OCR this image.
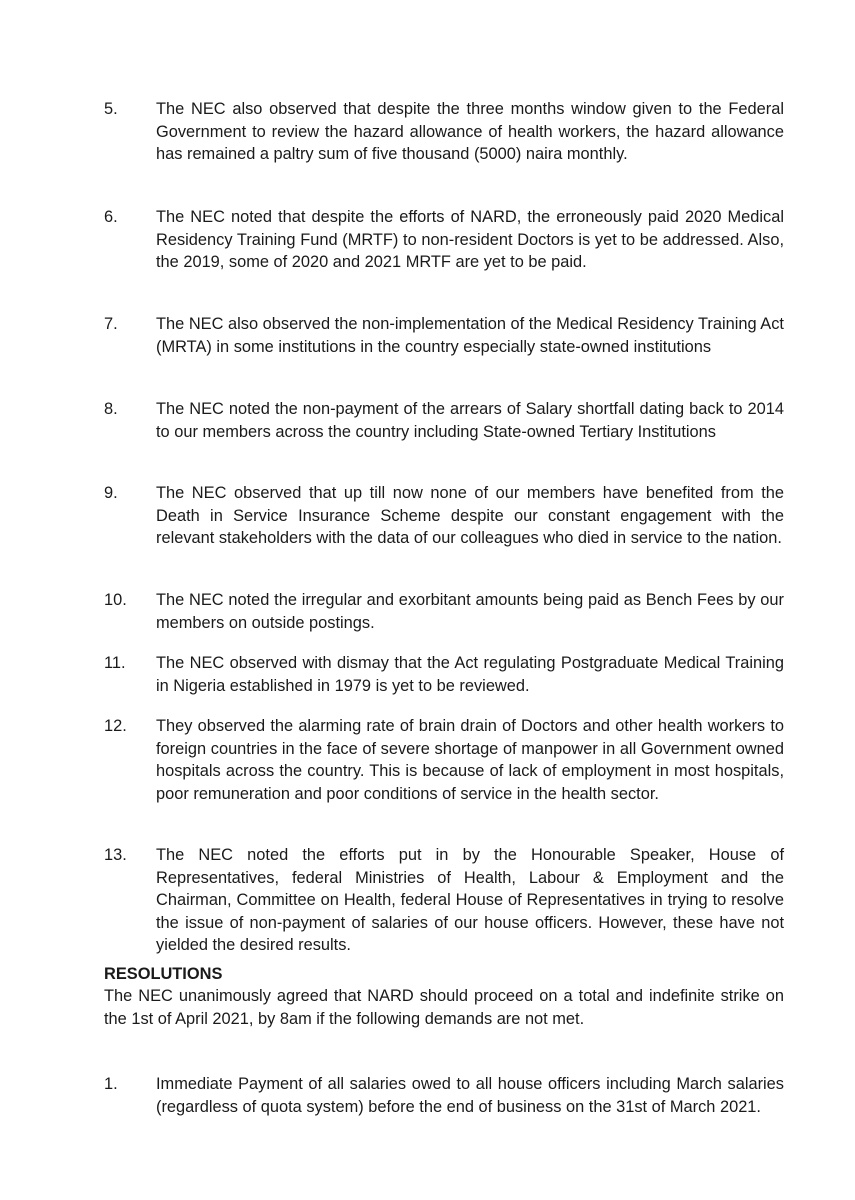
5.	The NEC also observed that despite the three months window given to the Federal Government to review the hazard allowance of health workers, the hazard allowance has remained a paltry sum of five thousand (5000) naira monthly.
6.	The NEC noted that despite the efforts of NARD, the erroneously paid 2020 Medical Residency Training Fund (MRTF) to non-resident Doctors is yet to be addressed. Also, the 2019, some of 2020 and 2021 MRTF are yet to be paid.
7.	The NEC also observed the non-implementation of the Medical Residency Training Act (MRTA) in some institutions in the country especially state-owned institutions
8.	The NEC noted the non-payment of the arrears of Salary shortfall dating back to 2014 to our members across the country including State-owned Tertiary Institutions
9.	The NEC observed that up till now none of our members have benefited from the Death in Service Insurance Scheme despite our constant engagement with the relevant stakeholders with the data of our colleagues who died in service to the nation.
10.	The NEC noted the irregular and exorbitant amounts being paid as Bench Fees by our members on outside postings.
11.	The NEC observed with dismay that the Act regulating Postgraduate Medical Training in Nigeria established in 1979 is yet to be reviewed.
12.	They observed the alarming rate of brain drain of Doctors and other health workers to foreign countries in the face of severe shortage of manpower in all Government owned hospitals across the country. This is because of lack of employment in most hospitals, poor remuneration and poor conditions of service in the health sector.
13.	The NEC noted the efforts put in by the Honourable Speaker, House of Representatives, federal Ministries of Health, Labour & Employment and the Chairman, Committee on Health, federal House of Representatives in trying to resolve the issue of non-payment of salaries of our house officers. However, these have not yielded the desired results.
RESOLUTIONS
The NEC unanimously agreed that NARD should proceed on a total and indefinite strike on the 1st of April 2021, by 8am if the following demands are not met.
1.	Immediate Payment of all salaries owed to all house officers including March salaries (regardless of quota system) before the end of business on the 31st of March 2021.
